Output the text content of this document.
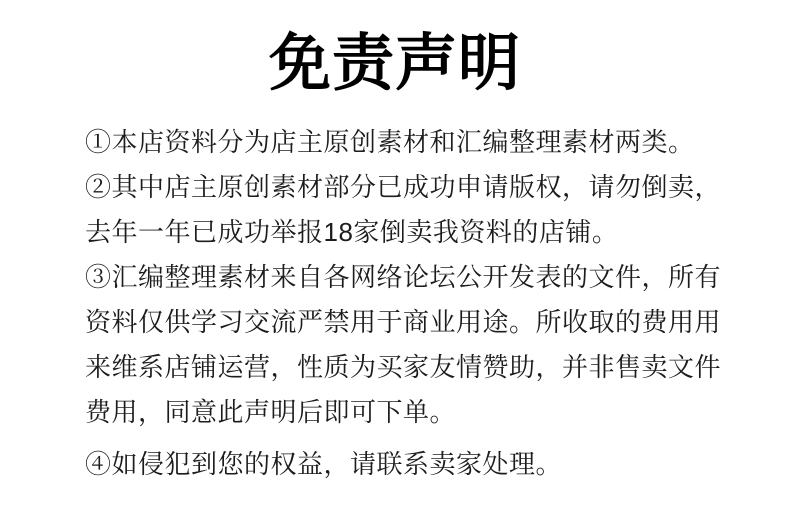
免责声明

①本店资料分为店主原创素材和汇编整理素材两类。

②其中店主原创素材部分已成功申请版权，请勿倒卖，

去年一年已成功举报18家倒卖我资料的店铺。

③汇编整理素材来自各网络论坛公开发表的文件，所有

资料仅供学习交流严禁用于商业用途。所收取的费用用

来维系店铺运营，性质为买家友情赞助，并非售卖文件

费用，同意此声明后即可下单。

④如侵犯到您的权益，请联系卖家处理。
